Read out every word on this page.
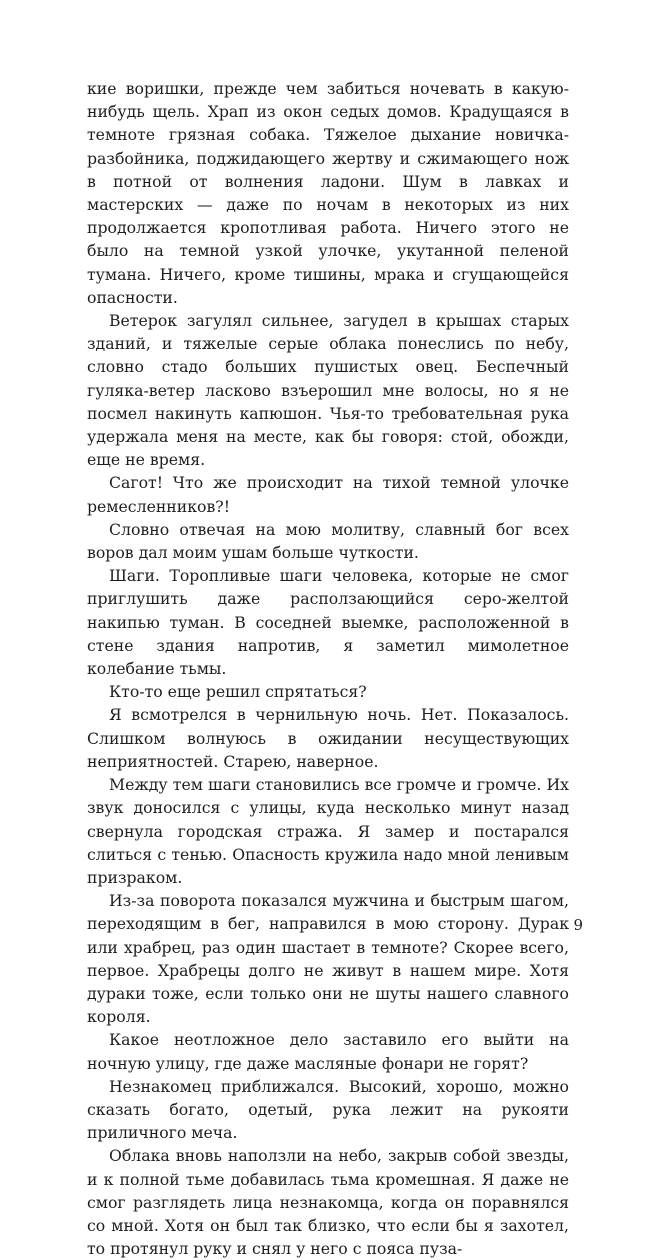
кие воришки, прежде чем забиться ночевать в какую-нибудь щель. Храп из окон седых домов. Крадущаяся в темноте грязная собака. Тяжелое дыхание новичка-разбойника, поджидающего жертву и сжимающего нож в потной от волнения ладони. Шум в лавках и мастерских — даже по ночам в некоторых из них продолжается кропотливая работа. Ничего этого не было на темной узкой улочке, укутанной пеленой тумана. Ничего, кроме тишины, мрака и сгущающейся опасности.

Ветерок загулял сильнее, загудел в крышах старых зданий, и тяжелые серые облака понеслись по небу, словно стадо больших пушистых овец. Беспечный гуляка-ветер ласково взъерошил мне волосы, но я не посмел накинуть капюшон. Чья-то требовательная рука удержала меня на месте, как бы говоря: стой, обожди, еще не время.

Сагот! Что же происходит на тихой темной улочке ремесленников?!

Словно отвечая на мою молитву, славный бог всех воров дал моим ушам больше чуткости.

Шаги. Торопливые шаги человека, которые не смог приглушить даже расползающийся серо-желтой накипью туман. В соседней выемке, расположенной в стене здания напротив, я заметил мимолетное колебание тьмы.

Кто-то еще решил спрятаться?

Я всмотрелся в чернильную ночь. Нет. Показалось. Слишком волнуюсь в ожидании несуществующих неприятностей. Старею, наверное.

Между тем шаги становились все громче и громче. Их звук доносился с улицы, куда несколько минут назад свернула городская стража. Я замер и постарался слиться с тенью. Опасность кружила надо мной ленивым призраком.

Из-за поворота показался мужчина и быстрым шагом, переходящим в бег, направился в мою сторону. Дурак или храбрец, раз один шастает в темноте? Скорее всего, первое. Храбрецы долго не живут в нашем мире. Хотя дураки тоже, если только они не шуты нашего славного короля.

Какое неотложное дело заставило его выйти на ночную улицу, где даже масляные фонари не горят?

Незнакомец приближался. Высокий, хорошо, можно сказать богато, одетый, рука лежит на рукояти приличного меча.

Облака вновь наползли на небо, закрыв собой звезды, и к полной тьме добавилась тьма кромешная. Я даже не смог разглядеть лица незнакомца, когда он поравнялся со мной. Хотя он был так близко, что если бы я захотел, то протянул руку и снял у него с пояса пуза-

9
